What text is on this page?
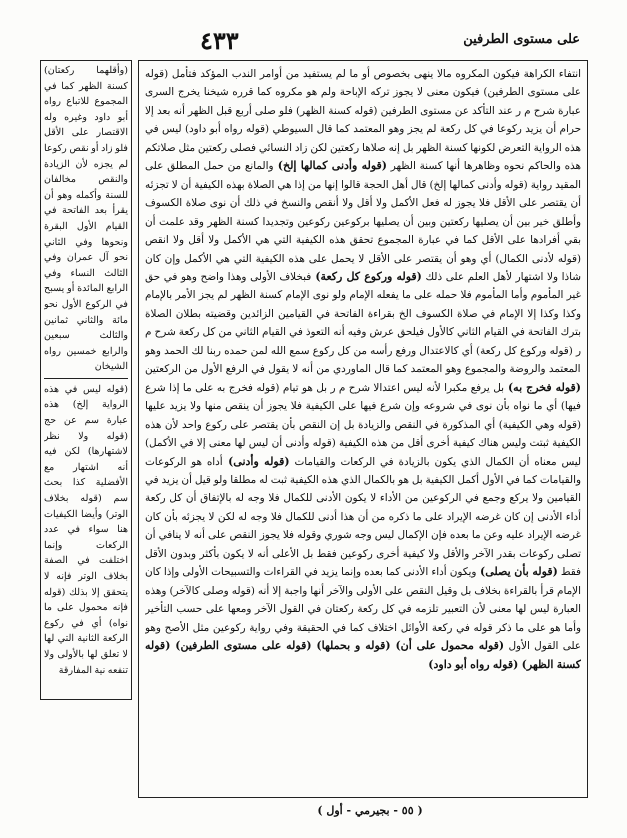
٤٣٣	على مستوى الطرفين
انتفاء الكراهة فيكون المكروه مالا ينهى بخصوص أو ما لم يستفيد من أوامر الندب المؤكد فتأمل (قوله على مستوى الطرفين) فيكون معنى لا يجوز تركه الإباحة ولم هو مكروه كما قرره شيخنا يخرج السرى عبارة شرح م ر عند التأكد عن مستوى الطرفين (قوله كسنة الظهر) فلو صلى أربع قبل الظهر أنه بعد إلا حرام أن يزيد ركوعا في كل ركعة لم يجز وهو المعتمد كما قال السيوطي (قوله رواه أبو داود) ليس في هذه الرواية التعرض لكونها كسنة الظهر بل إنه صلاها ركعتين لكن زاد النسائي فصلى ركعتين مثل صلاتكم هذه والحاكم نحوه وظاهرها أنها كسنة الظهر (قوله وأدنى كمالها إلخ) والمانع من حمل المطلق على المقيد رواية (قوله وأدنى كمالها إلخ) قال أهل الحجة قالوا إنها من إذا هي الصلاة بهذه الكيفية أن لا تجزئه أن يقتصر على الأقل فلا يجوز له فعل الأكمل ولا أقل ولا أنقص والنسخ في ذلك أن نوى صلاة الكسوف وأطلق خير بين أن يصليها ركعتين وبين أن يصليها بركوعين ركوعين وتجديدا كسنة الظهر وقد علمت أن بقي أفرادها على الأقل كما في عبارة المجموع تحقق هذه الكيفية التي هي الأكمل ولا أقل ولا انقص (قوله لأدنى الكمال) أي وهو أن يقتصر على الأقل لا يحمل على هذه الكيفية التي هي الأكمل وإن كان شاذا ولا اشتهار لأهل العلم على ذلك (قوله وركوع كل ركعة) فبخلاف الأولى وهذا واضح وهو في حق غير المأموم وأما المأموم فلا حمله على ما يفعله الإمام ولو نوى الإمام كسنة الظهر لم يجز الأمر بالإمام وكذا وكذا إلا الإمام في صلاة الكسوف الخ بقراءة الفاتحة في القيامين الزائدين وقضيته بطلان الصلاة بترك الفاتحة في القيام الثاني كالأول فيلحق عرش وفيه أنه التعوذ في القيام الثاني من كل ركعة شرح م ر (قوله وركوع كل ركعة) أي كالاعتدال ورفع رأسه من كل ركوع سمع الله لمن حمده ربنا لك الحمد وهو المعتمد والروضة والمجموع وهو المعتمد كما قال الماوردي من أنه لا يقول في الرفع الأول من الركعتين (قوله فخرج به) بل يرفع مكبرا لأنه ليس اعتدالا شرح م ر بل هو تيام (قوله فخرج به على ما إذا شرع فيها) أي ما نواه بأن نوى في شروعه وإن شرع فيها على الكيفية فلا يجوز أن ينقص منها ولا يزيد عليها (قوله وهي الكيفية) أي المذكورة في النقص والزيادة بل إن النقص بأن يقتصر على ركوع واحد لأن هذه الكيفية ثبتت وليس هناك كيفية أخرى أقل من هذه الكيفية (قوله وأدنى أن ليس لها معنى إلا في الأكمل) ليس معناه أن الكمال الذي يكون بالزيادة في الركعات والقيامات (قوله وأدنى) أداه هو الركوعات والقيامات كما في الأول أكمل الكيفية بل هو بالكمال الذي هذه الكيفية ثبت له مطلقا ولو قيل أن يزيد في القيامين ولا يركع وجمع في الركوعين من الأداء لا يكون الأدنى للكمال فلا وجه له بالإتفاق أن كل ركعة أداء الأدنى إن كان غرضه الإيراد على ما ذكره من أن هذا أدنى للكمال فلا وجه له لكن لا يجزئه بأن كان غرضه الإيراد عليه وعن ما بعده فإن الإكمال ليس وجه شوري وقوله فلا يجوز النقص على أنه لا ينافي أن تصلى ركوعات بقدر الآخر والأقل ولا كيفية أخرى ركوعين فقط بل الأعلى أنه لا يكون بأكثر وبدون الأقل فقط (قوله بأن يصلى) ويكون أداء الأدنى كما بعده وإنما يزيد في القراءات والتسبيحات الأولى وإذا كان الإمام قرأ بالقراءة بخلاف بل وقيل النقص على الأولى والآخر أنها واجبة إلا أنه (قوله وصلى كالآخر) وهذه العبارة ليس لها معنى لأن التعبير تلزمه في كل ركعة ركعتان في القول الآخر ومعها على حسب التأخير وأما هو على ما ذكر قوله في ركعة الأوائل اختلاف كما في الحقيقة وفي رواية ركوعين مثل الأصح وهو على القول الأول (قوله محمول على أن) (قوله و بحملها) (قوله على مستوى الطرفين) (قوله كسنة الظهر) (قوله رواه أبو داود)
(وأقلهما ركعتان) كسنة الظهر كما في المجموع للاتباع رواه أبو داود وغيره وله الاقتصار على الأقل فلو زاد أو نقص ركوعا لم يجزه لأن الزيادة والنقص مخالفان للسنة وأكمله وهو أن يقرأ بعد الفاتحة في القيام الأول البقرة ونحوها وفي الثاني نحو آل عمران وفي الثالث النساء وفي الرابع المائدة أو يسبح في الركوع الأول نحو مائة والثاني ثمانين والثالث سبعين والرابع خمسين رواه الشيخان
(قوله ليس في هذه الرواية إلخ) هذه عبارة سم عن حج (قوله ولا نظر لاشتهارها) لكن فيه أنه اشتهار مع الأفضلية كذا بحث سم (قوله بخلاف الوتر) وأيضا الكيفيات هنا سواء في عدد الركعات وإنما اختلفت في الصفة بخلاف الوتر فإنه لا يتحقق إلا بذلك (قوله فإنه محمول على ما نواه) أي في ركوع الركعة الثانية التي لها لا تعلق لها بالأولى ولا تنفعه نية المفارقة
( ٥٥ - بجيرمي - أول )
